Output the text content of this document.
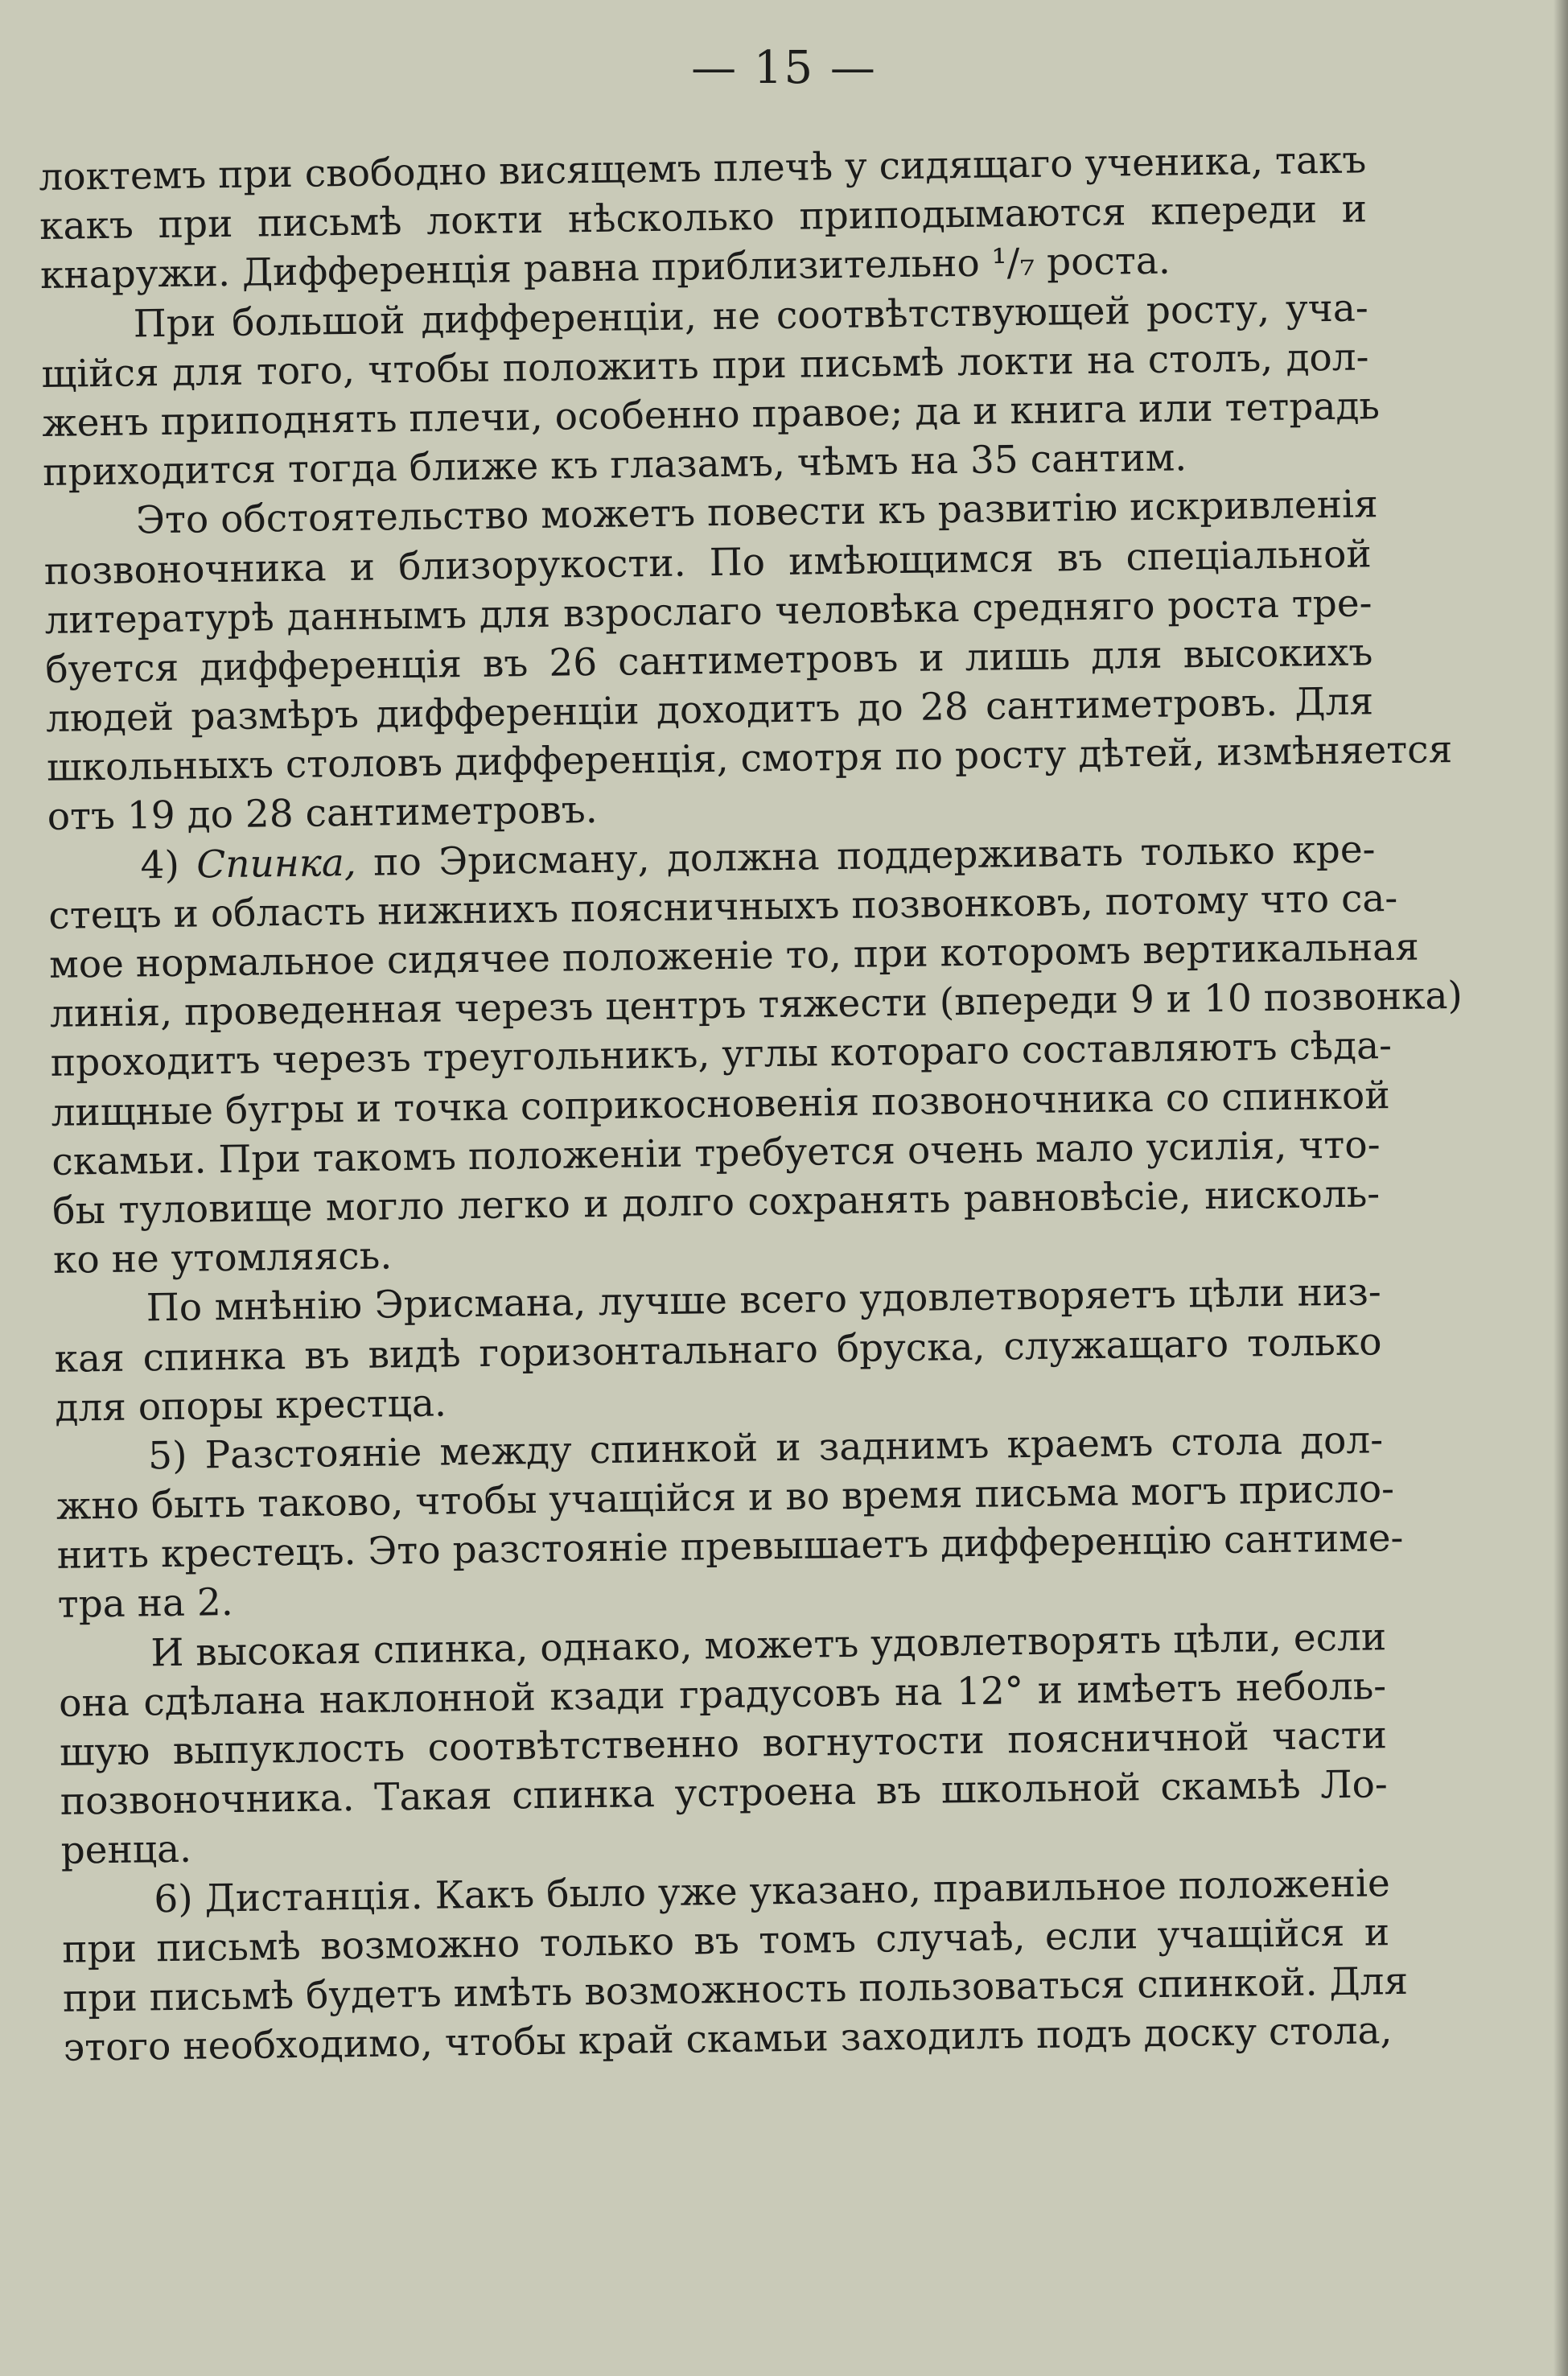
— 15 —
локтемъ при свободно висящемъ плечѣ у сидящаго ученика, такъ
какъ при письмѣ локти нѣсколько приподымаются кпереди и
кнаружи. Дифференція равна приблизительно ¹/₇ роста.
При большой дифференціи, не соотвѣтствующей росту, уча-
щійся для того, чтобы положить при письмѣ локти на столъ, дол-
женъ приподнять плечи, особенно правое; да и книга или тетрадь
приходится тогда ближе къ глазамъ, чѣмъ на 35 сантим.
Это обстоятельство можетъ повести къ развитію искривленія
позвоночника и близорукости. По имѣющимся въ спеціальной
литературѣ даннымъ для взрослаго человѣка средняго роста тре-
буется дифференція въ 26 сантиметровъ и лишь для высокихъ
людей размѣръ дифференціи доходитъ до 28 сантиметровъ. Для
школьныхъ столовъ дифференція, смотря по росту дѣтей, измѣняется
отъ 19 до 28 сантиметровъ.
4) Спинка, по Эрисману, должна поддерживать только кре-
стецъ и область нижнихъ поясничныхъ позвонковъ, потому что са-
мое нормальное сидячее положеніе то, при которомъ вертикальная
линія, проведенная черезъ центръ тяжести (впереди 9 и 10 позвонка)
проходитъ черезъ треугольникъ, углы котораго составляютъ сѣда-
лищные бугры и точка соприкосновенія позвоночника со спинкой
скамьи. При такомъ положеніи требуется очень мало усилія, что-
бы туловище могло легко и долго сохранять равновѣсіе, нисколь-
ко не утомляясь.
По мнѣнію Эрисмана, лучше всего удовлетворяетъ цѣли низ-
кая спинка въ видѣ горизонтальнаго бруска, служащаго только
для опоры крестца.
5) Разстояніе между спинкой и заднимъ краемъ стола дол-
жно быть таково, чтобы учащійся и во время письма могъ прислo-
нить крестецъ. Это разстояніе превышаетъ дифференцію сантиме-
тра на 2.
И высокая спинка, однако, можетъ удовлетворять цѣли, если
она сдѣлана наклонной кзади градусовъ на 12° и имѣетъ неболь-
шую выпуклость соотвѣтственно вогнутости поясничной части
позвоночника. Такая спинка устроена въ школьной скамьѣ Ло-
ренца.
6) Дистанція. Какъ было уже указано, правильное положеніе
при письмѣ возможно только въ томъ случаѣ, если учащійся и
при письмѣ будетъ имѣть возможность пользоваться спинкой. Для
этого необходимо, чтобы край скамьи заходилъ подъ доску стола,
